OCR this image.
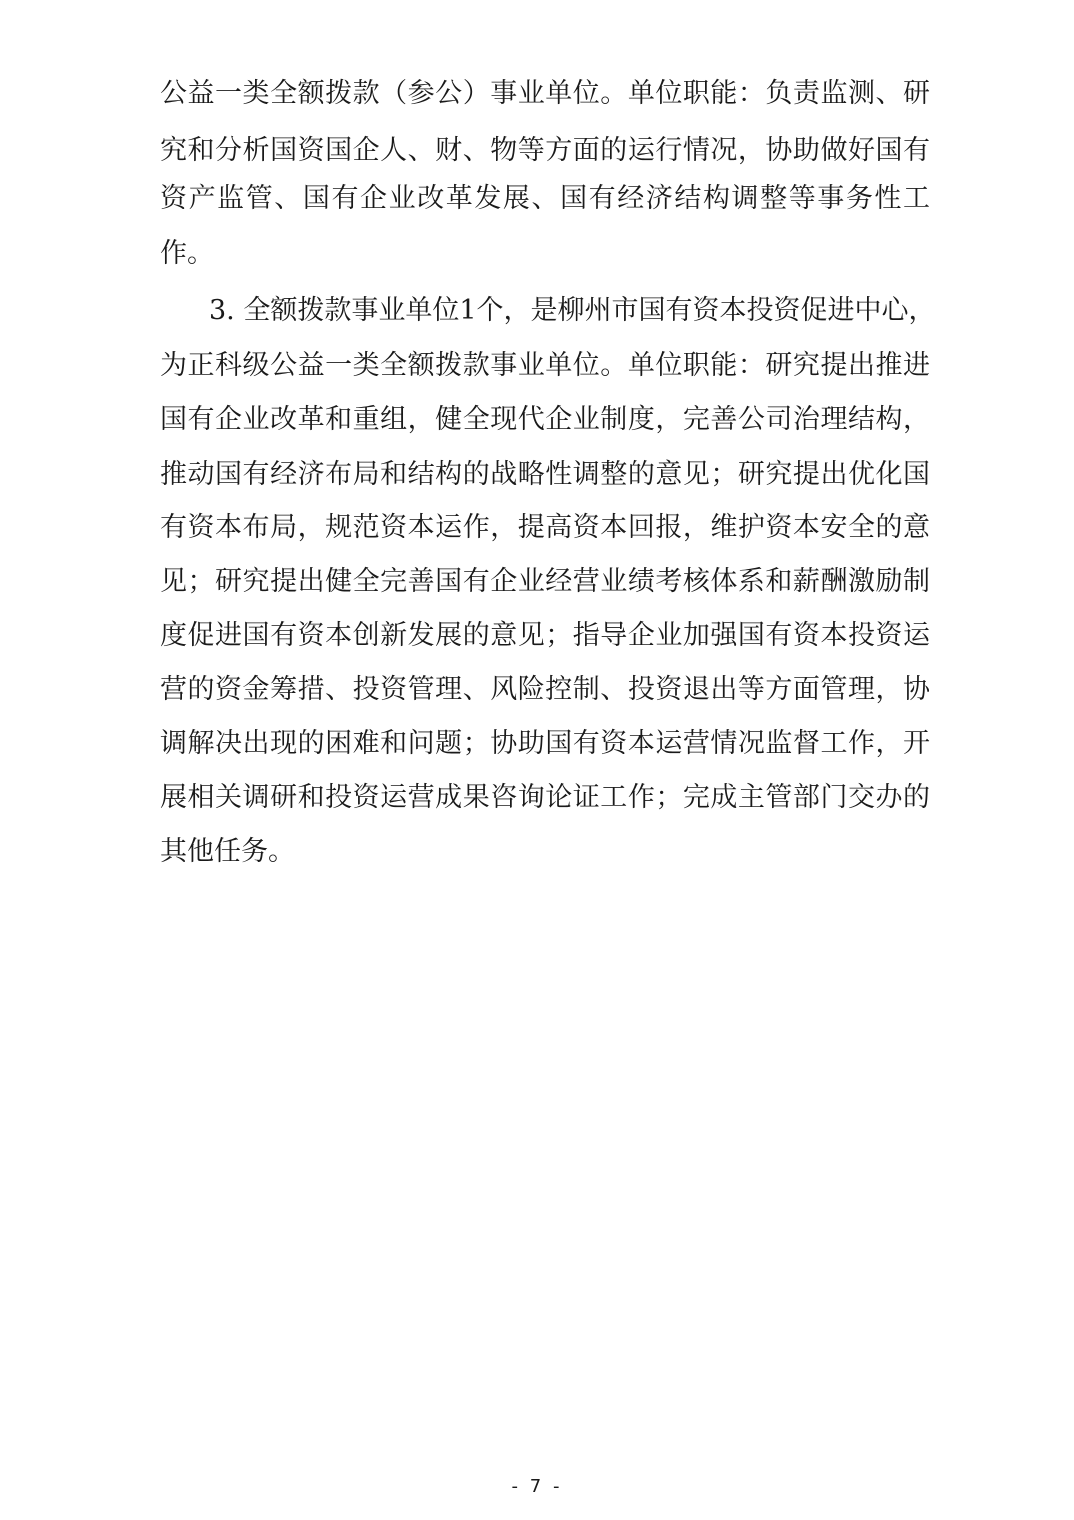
公益一类全额拨款（参公）事业单位。单位职能：负责监测、研
究和分析国资国企人、财、物等方面的运行情况，协助做好国有
资产监管、国有企业改革发展、国有经济结构调整等事务性工
作。
3. 全额拨款事业单位1个，是柳州市国有资本投资促进中心，
为正科级公益一类全额拨款事业单位。单位职能：研究提出推进
国有企业改革和重组，健全现代企业制度，完善公司治理结构，
推动国有经济布局和结构的战略性调整的意见；研究提出优化国
有资本布局，规范资本运作，提高资本回报，维护资本安全的意
见；研究提出健全完善国有企业经营业绩考核体系和薪酬激励制
度促进国有资本创新发展的意见；指导企业加强国有资本投资运
营的资金筹措、投资管理、风险控制、投资退出等方面管理，协
调解决出现的困难和问题；协助国有资本运营情况监督工作，开
展相关调研和投资运营成果咨询论证工作；完成主管部门交办的
其他任务。
- 7 -
